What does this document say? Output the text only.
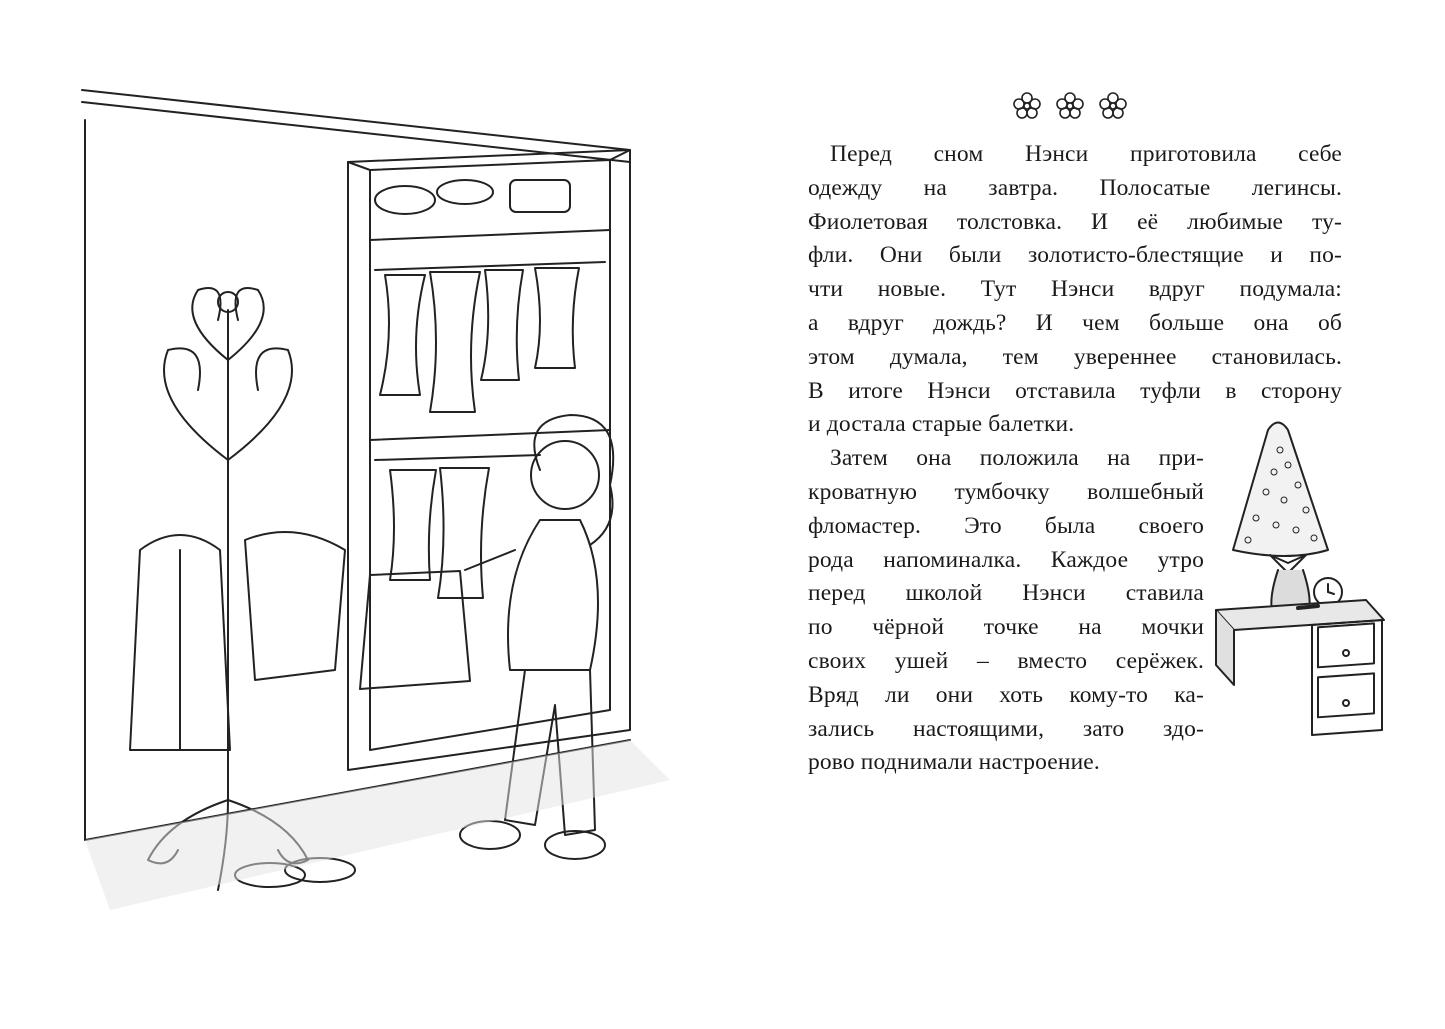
Перед сном Нэнси приготовила себе
одежду на завтра. Полосатые легинсы.
Фиолетовая толстовка. И её любимые ту-
фли. Они были золотисто-блестящие и по-
чти новые. Тут Нэнси вдруг подумала:
а вдруг дождь? И чем больше она об
этом думала, тем увереннее становилась.
В итоге Нэнси отставила туфли в сторону
и достала старые балетки.

Затем она положила на при-
кроватную тумбочку волшебный
фломастер. Это была своего
рода напоминалка. Каждое утро
перед школой Нэнси ставила
по чёрной точке на мочки
своих ушей – вместо серёжек.
Вряд ли они хоть кому-то ка-
зались настоящими, зато здо-
рово поднимали настроение.
